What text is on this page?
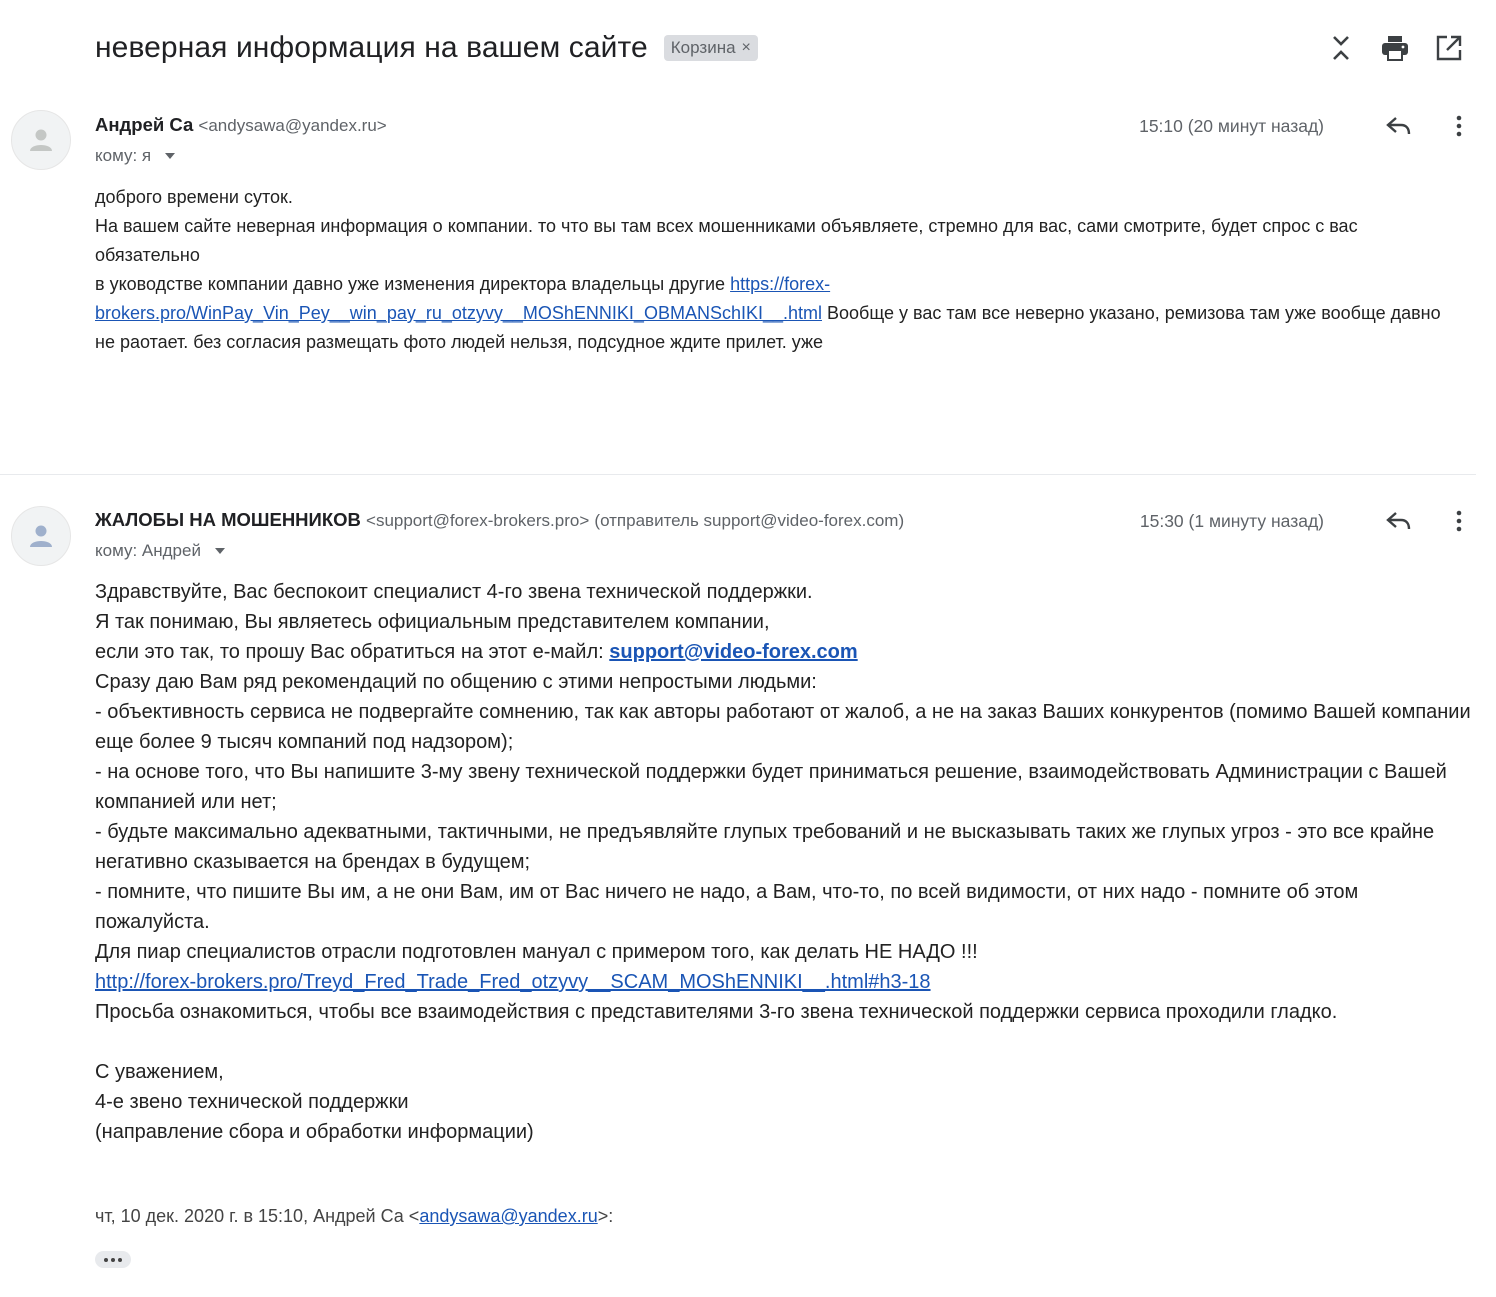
неверная информация на вашем сайте Корзина ×
Андрей Са <andysawa@yandex.ru>
кому: я
15:10 (20 минут назад)

доброго времени суток.

На вашем сайте неверная информация о компании. то что вы там всех мошенниками объявляете, стремно для вас, сами смотрите, будет спрос с вас обязательно

в уководстве компании давно уже изменения директора владельцы другие https://forex-brokers.pro/WinPay_Vin_Pey__win_pay_ru_otzyvy__MOShENNIKI_OBMANSchIKI__.html Вообще у вас там все неверно указано, ремизова там уже вообще давно не раотает. без согласия размещать фото людей нельзя, подсудное ждите прилет. уже

ЖАЛОБЫ НА МОШЕННИКОВ <support@forex-brokers.pro> (отправитель support@video-forex.com)
кому: Андрей
15:30 (1 минуту назад)

Здравствуйте, Вас беспокоит специалист 4-го звена технической поддержки.

Я так понимаю, Вы являетесь официальным представителем компании,

если это так, то прошу Вас обратиться на этот е-майл: support@video-forex.com

Сразу даю Вам ряд рекомендаций по общению с этими непростыми людьми:

- объективность сервиса не подвергайте сомнению, так как авторы работают от жалоб, а не на заказ Ваших конкурентов (помимо Вашей компании еще более 9 тысяч компаний под надзором);

- на основе того, что Вы напишите 3-му звену технической поддержки будет приниматься решение, взаимодействовать Администрации с Вашей компанией или нет;

- будьте максимально адекватными, тактичными, не предъявляйте глупых требований и не высказывать таких же глупых угроз - это все крайне негативно сказывается на брендах в будущем;

- помните, что пишите Вы им, а не они Вам, им от Вас ничего не надо, а Вам, что-то, по всей видимости, от них надо - помните об этом пожалуйста.

Для пиар специалистов отрасли подготовлен мануал с примером того, как делать НЕ НАДО !!!

http://forex-brokers.pro/Treyd_Fred_Trade_Fred_otzyvy__SCAM_MOShENNIKI__.html#h3-18

Просьба ознакомиться, чтобы все взаимодействия с представителями 3-го звена технической поддержки сервиса проходили гладко.

С уважением,

4-е звено технической поддержки

(направление сбора и обработки информации)

чт, 10 дек. 2020 г. в 15:10, Андрей Са <andysawa@yandex.ru>:
